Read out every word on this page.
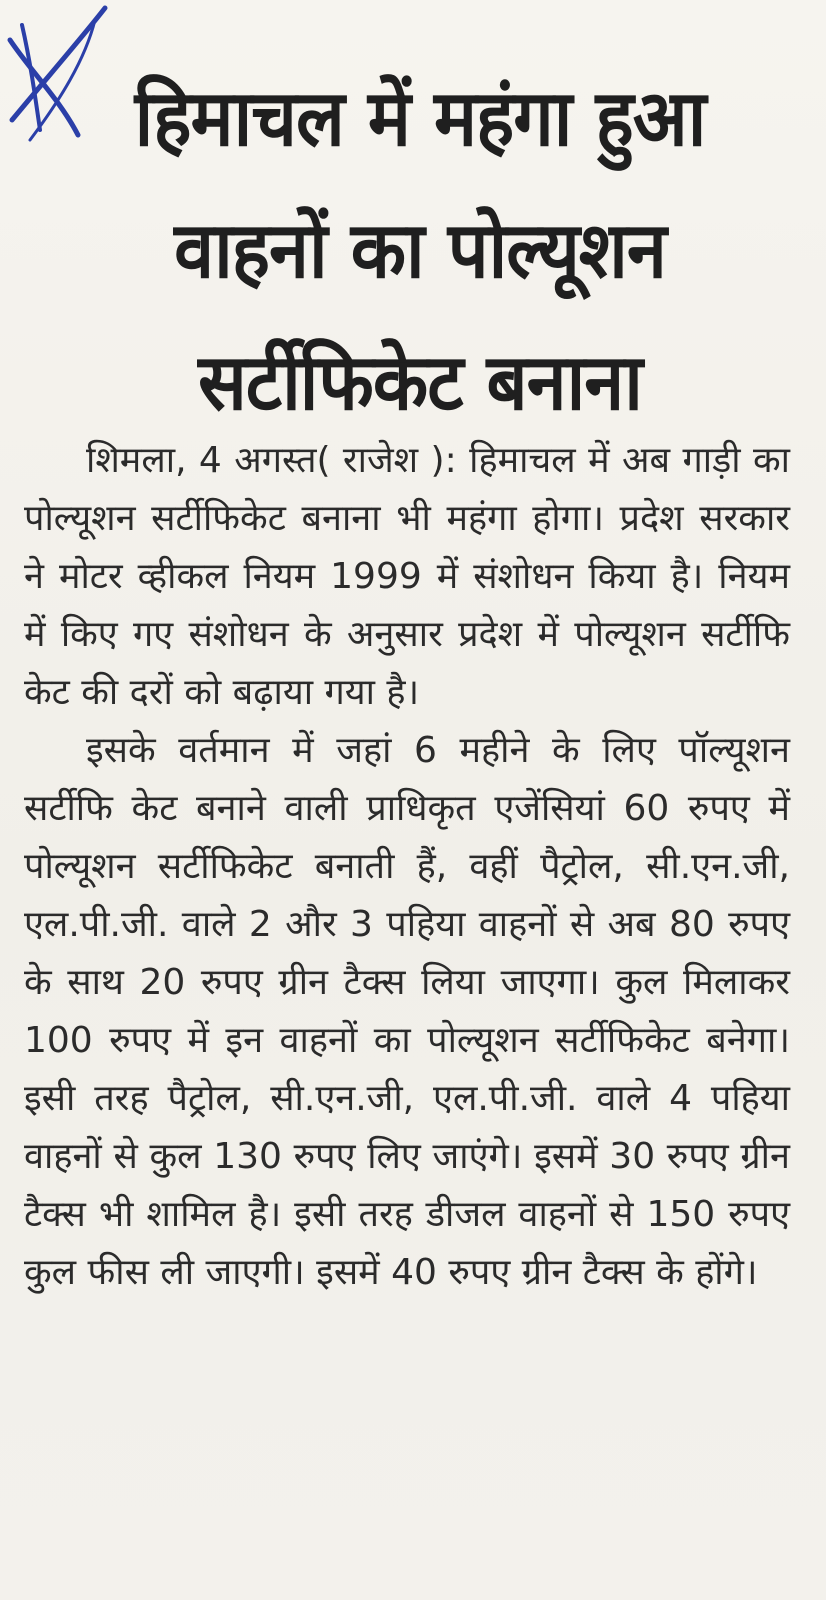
हिमाचल में महंगा हुआ
वाहनों का पोल्यूशन
सर्टीफिकेट बनाना

शिमला, 4 अगस्त( राजेश ): हिमाचल में अब गाड़ी का पोल्यूशन सर्टीफिकेट बनाना भी महंगा होगा। प्रदेश सरकार ने मोटर व्हीकल नियम 1999 में संशोधन किया है। नियम में किए गए संशोधन के अनुसार प्रदेश में पोल्यूशन सर्टीफि केट की दरों को बढ़ाया गया है।

इसके वर्तमान में जहां 6 महीने के लिए पॉल्यूशन सर्टीफि केट बनाने वाली प्राधिकृत एजेंसियां 60 रुपए में पोल्यूशन सर्टीफिकेट बनाती हैं, वहीं पैट्रोल, सी.एन.जी, एल.पी.जी. वाले 2 और 3 पहिया वाहनों से अब 80 रुपए के साथ 20 रुपए ग्रीन टैक्स लिया जाएगा। कुल मिलाकर 100 रुपए में इन वाहनों का पोल्यूशन सर्टीफिकेट बनेगा। इसी तरह पैट्रोल, सी.एन.जी, एल.पी.जी. वाले 4 पहिया वाहनों से कुल 130 रुपए लिए जाएंगे। इसमें 30 रुपए ग्रीन टैक्स भी शामिल है। इसी तरह डीजल वाहनों से 150 रुपए कुल फीस ली जाएगी। इसमें 40 रुपए ग्रीन टैक्स के होंगे।
